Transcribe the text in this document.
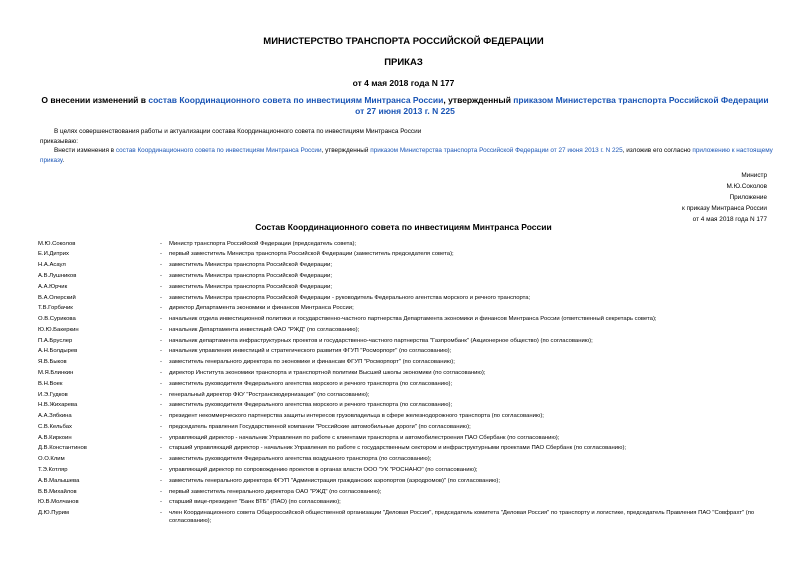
МИНИСТЕРСТВО ТРАНСПОРТА РОССИЙСКОЙ ФЕДЕРАЦИИ
ПРИКАЗ
от 4 мая 2018 года N 177
О внесении изменений в состав Координационного совета по инвестициям Минтранса России, утвержденный приказом Министерства транспорта Российской Федерации от 27 июня 2013 г. N 225
В целях совершенствования работы и актуализации состава Координационного совета по инвестициям Минтранса России
приказываю:
Внести изменения в состав Координационного совета по инвестициям Минтранса России, утвержденный приказом Министерства транспорта Российской Федерации от 27 июня 2013 г. N 225, изложив его согласно приложению к настоящему приказу.
Министр
М.Ю.Соколов
Приложение
к приказу Минтранса России
от 4 мая 2018 года N 177
Состав Координационного совета по инвестициям Минтранса России
М.Ю.Соколов	-	Министр транспорта Российской Федерации (председатель совета);
Е.И.Дитрих	-	первый заместитель Министра транспорта Российской Федерации (заместитель председателя совета);
Н.А.Асаул	-	заместитель Министра транспорта Российской Федерации;
А.В.Лушников	-	заместитель Министра транспорта Российской Федерации;
А.А.Юрчик	-	заместитель Министра транспорта Российской Федерации;
В.А.Олерский	-	заместитель Министра транспорта Российской Федерации - руководитель Федерального агентства морского и речного транспорта;
Т.В.Горбачик	-	директор Департамента экономики и финансов Минтранса России;
О.В.Сурикова	-	начальник отдела инвестиционной политики и государственно-частного партнерства Департамента экономики и финансов Минтранса России (ответственный секретарь совета);
Ю.Ю.Бакеркин	-	начальник Департамента инвестиций ОАО "РЖД" (по согласованию);
П.А.Бруслер	-	начальник департамента инфраструктурных проектов и государственно-частного партнерства "Газпромбанк" (Акционерное общество) (по согласованию);
А.Н.Болдырев	-	начальник управления инвестиций и стратегического развития ФГУП "Росморпорт" (по согласованию);
Я.В.Быков	-	заместитель генерального директора по экономике и финансам ФГУП "Росморпорт" (по согласованию);
М.Я.Блинкин	-	директор Института экономики транспорта и транспортной политики Высшей школы экономики (по согласованию);
В.Н.Воек	-	заместитель руководителя Федерального агентства морского и речного транспорта (по согласованию);
И.Э.Гудков	-	генеральный директор ФКУ "Ространсмодернизация" (по согласованию);
Н.В.Жихарева	-	заместитель руководителя Федерального агентства морского и речного транспорта (по согласованию);
А.А.Зябкина	-	президент некоммерческого партнерства защиты интересов грузовладельца в сфере железнодорожного транспорта (по согласованию);
С.В.Кельбах	-	председатель правления Государственной компании "Российские автомобильные дороги" (по согласованию);
А.В.Киркоин	-	управляющий директор - начальник Управления по работе с клиентами транспорта и автомобилестроения ПАО Сбербанк (по согласованию);
Д.В.Константинов	-	старший управляющий директор - начальник Управления по работе с государственным сектором и инфраструктурными проектами ПАО Сбербанк (по согласованию);
О.О.Клим	-	заместитель руководителя Федерального агентства воздушного транспорта (по согласованию);
Т.Э.Котляр	-	управляющий директор по сопровождению проектов в органах власти ООО "УК "РОСНАНО" (по согласованию);
А.В.Малышева	-	заместитель генерального директора ФГУП "Администрация гражданских аэропортов (аэродромов)" (по согласованию);
В.В.Михайлов	-	первый заместитель генерального директора ОАО "РЖД" (по согласованию);
Ю.В.Молчанов	-	старший вице-президент "Банк ВТБ" (ПАО) (по согласованию);
Д.Ю.Пурим	-	член Координационного совета Общероссийской общественной организации "Деловая Россия", председатель комитета "Деловая Россия" по транспорту и логистике, председатель Правления ПАО "Совфрахт" (по согласованию);
